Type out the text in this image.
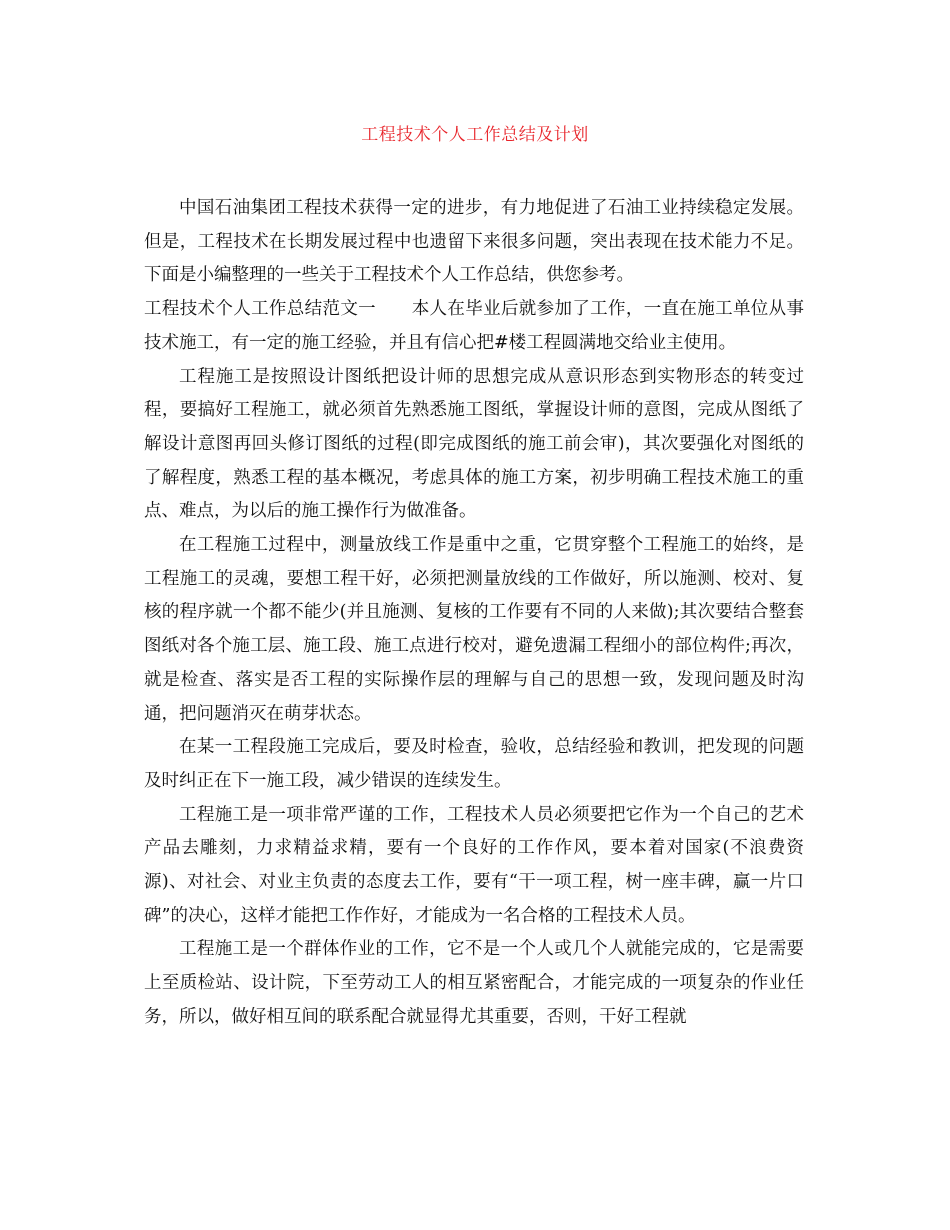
工程技术个人工作总结及计划

中国石油集团工程技术获得一定的进步，有力地促进了石油工业持续稳定发展。但是，工程技术在长期发展过程中也遗留下来很多问题，突出表现在技术能力不足。下面是小编整理的一些关于工程技术个人工作总结，供您参考。

工程技术个人工作总结范文一　　本人在毕业后就参加了工作，一直在施工单位从事技术施工，有一定的施工经验，并且有信心把#楼工程圆满地交给业主使用。

工程施工是按照设计图纸把设计师的思想完成从意识形态到实物形态的转变过程，要搞好工程施工，就必须首先熟悉施工图纸，掌握设计师的意图，完成从图纸了解设计意图再回头修订图纸的过程(即完成图纸的施工前会审)，其次要强化对图纸的了解程度，熟悉工程的基本概况，考虑具体的施工方案，初步明确工程技术施工的重点、难点，为以后的施工操作行为做准备。

在工程施工过程中，测量放线工作是重中之重，它贯穿整个工程施工的始终，是工程施工的灵魂，要想工程干好，必须把测量放线的工作做好，所以施测、校对、复核的程序就一个都不能少(并且施测、复核的工作要有不同的人来做);其次要结合整套图纸对各个施工层、施工段、施工点进行校对，避免遗漏工程细小的部位构件;再次，就是检查、落实是否工程的实际操作层的理解与自己的思想一致，发现问题及时沟通，把问题消灭在萌芽状态。

在某一工程段施工完成后，要及时检查，验收，总结经验和教训，把发现的问题及时纠正在下一施工段，减少错误的连续发生。

工程施工是一项非常严谨的工作，工程技术人员必须要把它作为一个自己的艺术产品去雕刻，力求精益求精，要有一个良好的工作作风，要本着对国家(不浪费资源)、对社会、对业主负责的态度去工作，要有“干一项工程，树一座丰碑，赢一片口碑”的决心，这样才能把工作作好，才能成为一名合格的工程技术人员。

工程施工是一个群体作业的工作，它不是一个人或几个人就能完成的，它是需要上至质检站、设计院，下至劳动工人的相互紧密配合，才能完成的一项复杂的作业任务，所以，做好相互间的联系配合就显得尤其重要，否则，干好工程就
